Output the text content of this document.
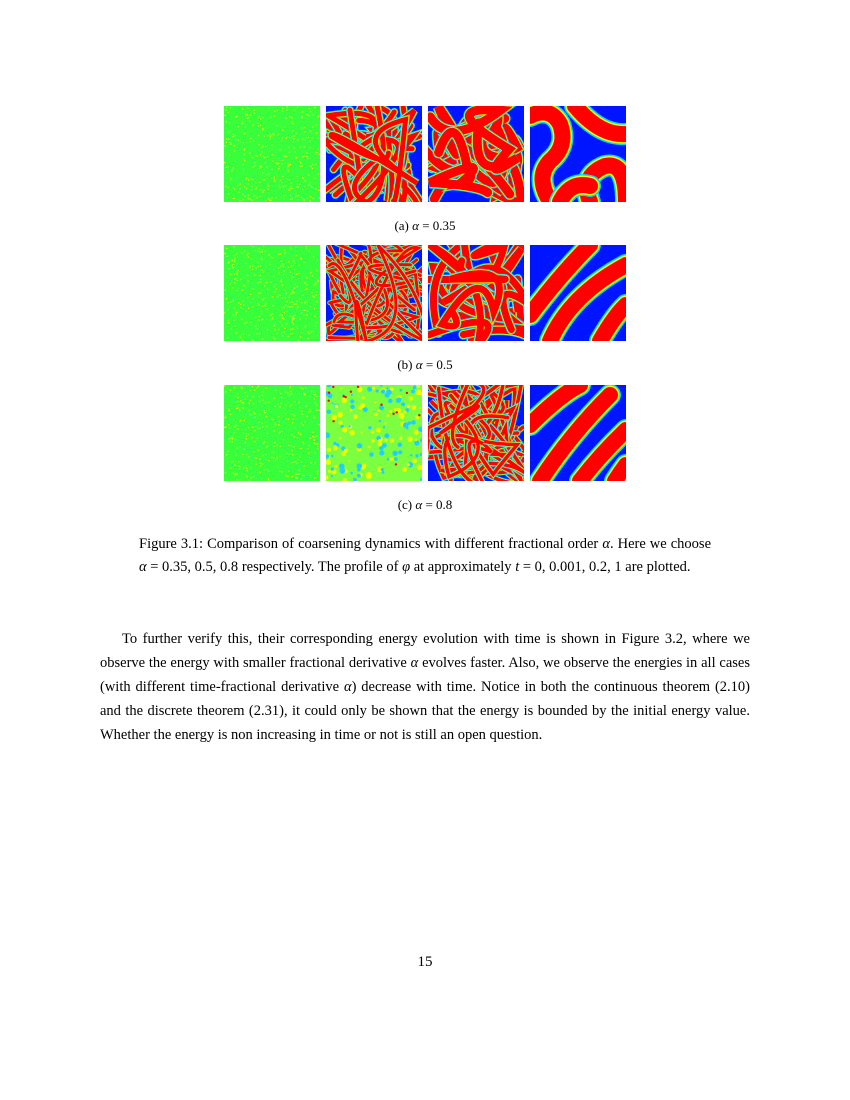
(a) α = 0.35
(b) α = 0.5
(c) α = 0.8
Figure 3.1: Comparison of coarsening dynamics with different fractional order α. Here we choose α = 0.35, 0.5, 0.8 respectively. The profile of φ at approximately t = 0, 0.001, 0.2, 1 are plotted.
To further verify this, their corresponding energy evolution with time is shown in Figure 3.2, where we observe the energy with smaller fractional derivative α evolves faster. Also, we observe the energies in all cases (with different time-fractional derivative α) decrease with time. Notice in both the continuous theorem (2.10) and the discrete theorem (2.31), it could only be shown that the energy is bounded by the initial energy value. Whether the energy is non increasing in time or not is still an open question.
15
